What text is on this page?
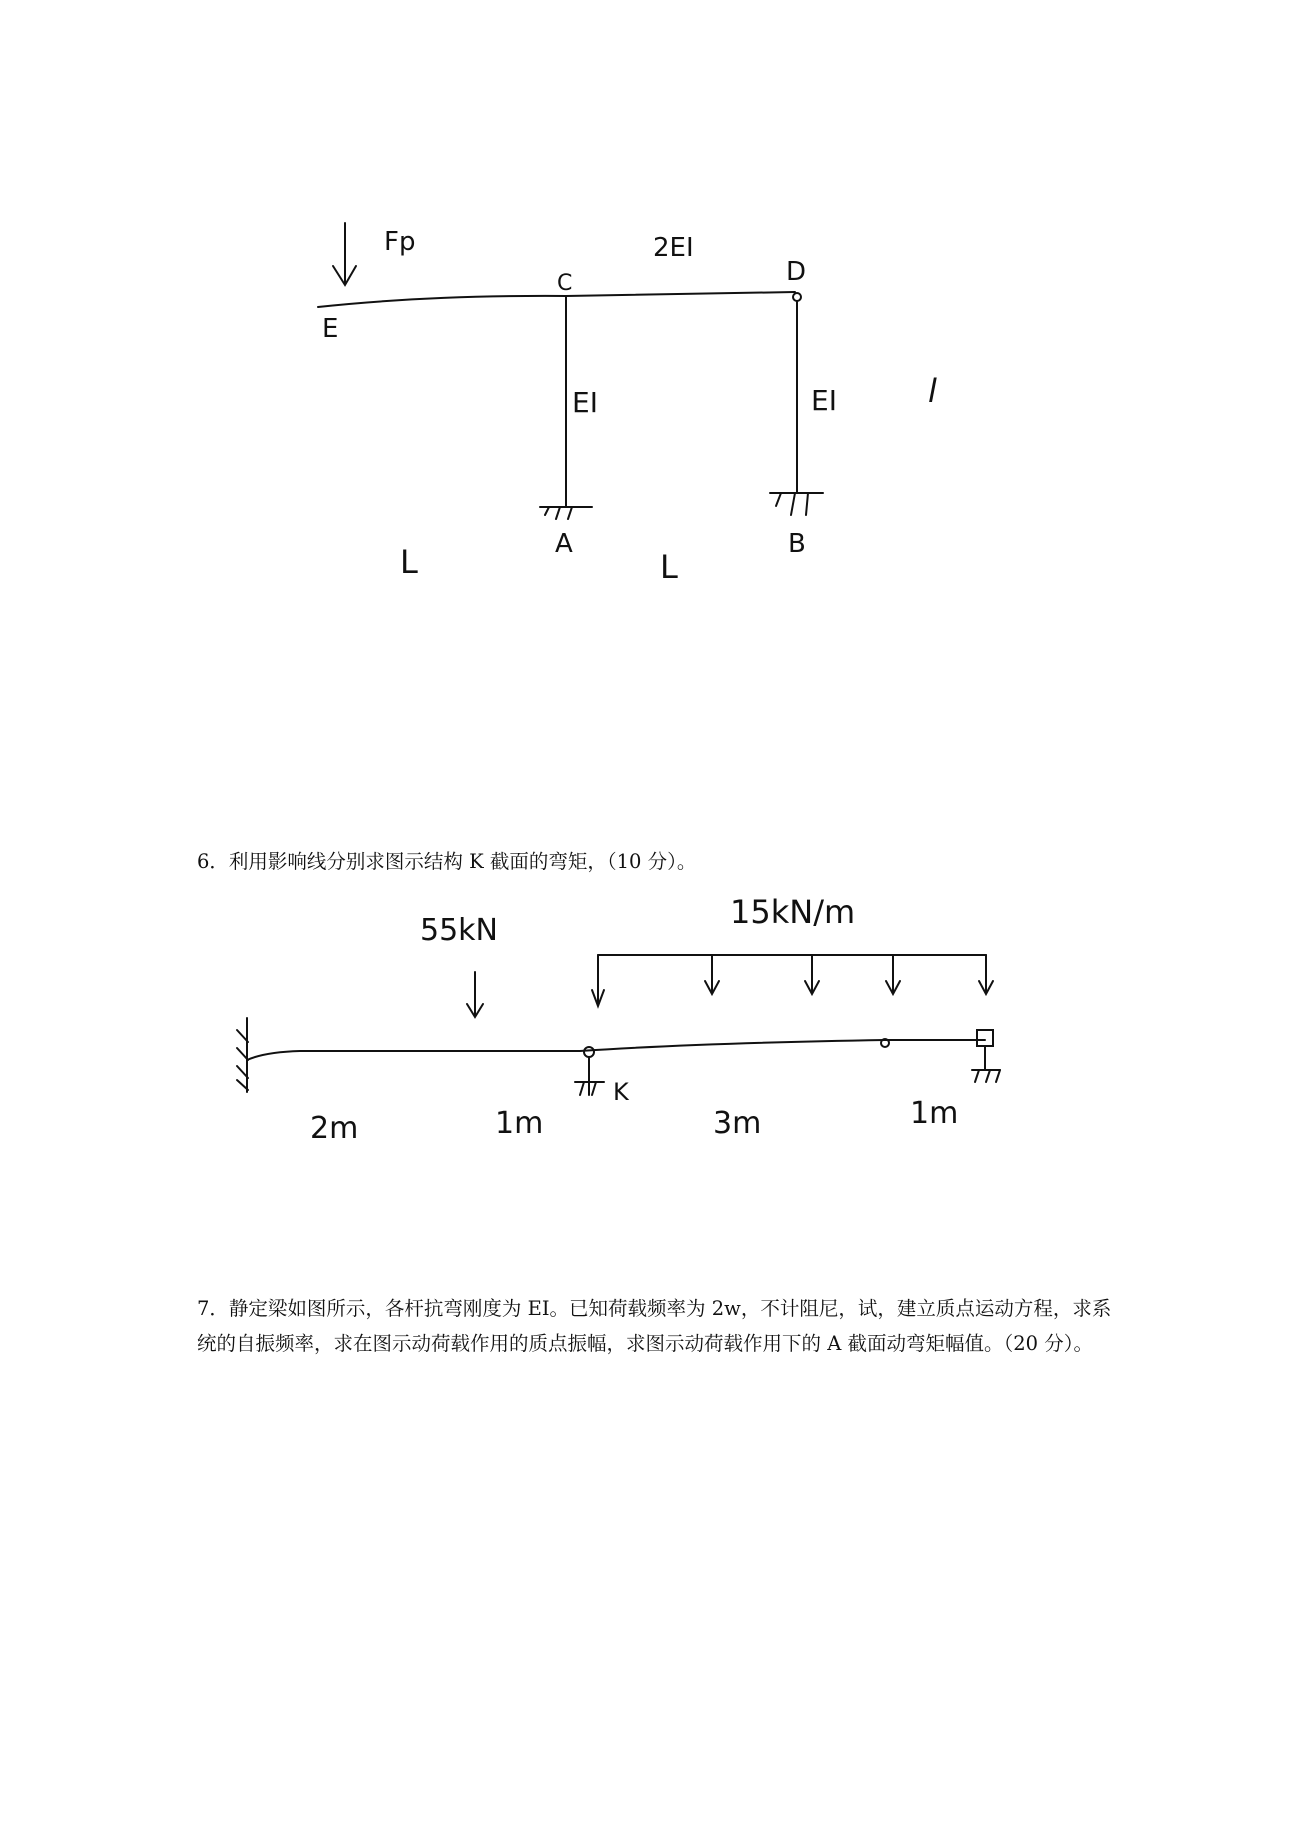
Fp
E
C	D
2EI
EI	EI	l
A	B
L	L
55kN	15kN/m
K
2m	1m	3m	1m
6．利用影响线分别求图示结构 K 截面的弯矩，（10 分）。
7．静定梁如图所示，各杆抗弯刚度为 EI。已知荷载频率为 2w，不计阻尼，试，建立质点运动方程，求系统的自振频率，求在图示动荷载作用的质点振幅，求图示动荷载作用下的 A 截面动弯矩幅值。（20 分）。
